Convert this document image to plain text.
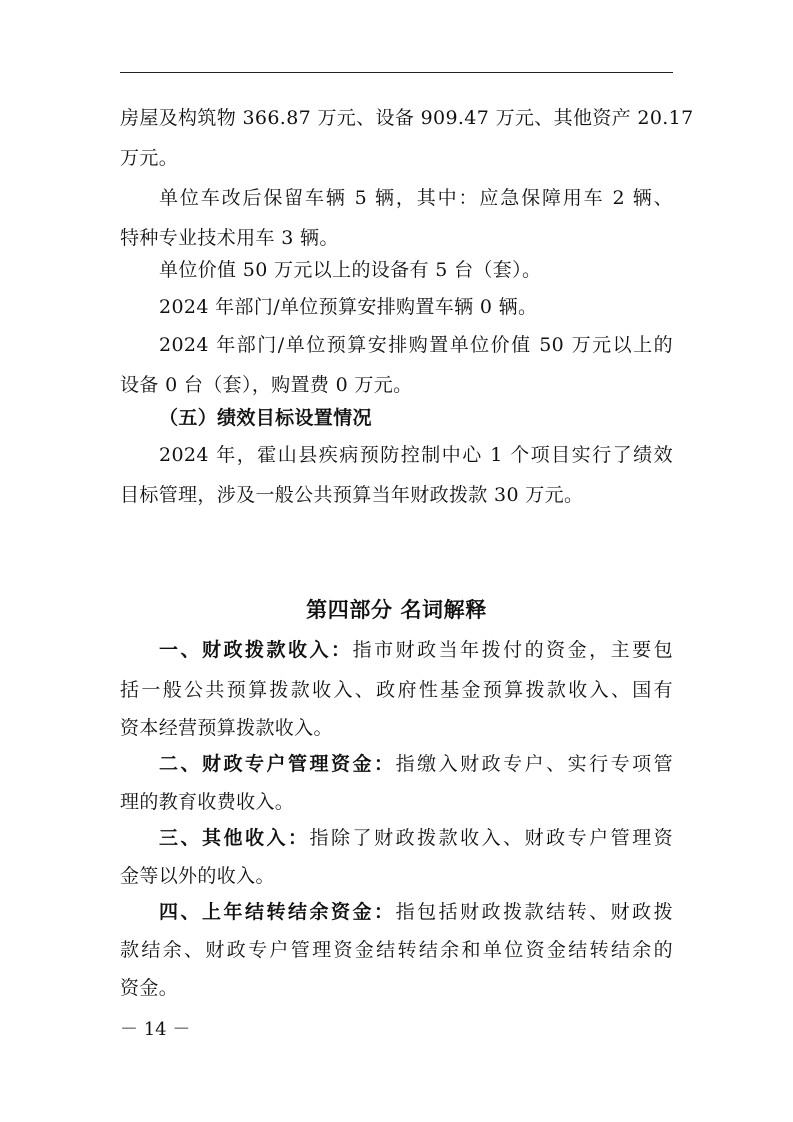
房屋及构筑物 366.87 万元、设备 909.47 万元、其他资产 20.17
万元。
单位车改后保留车辆 5 辆，其中：应急保障用车 2 辆、
特种专业技术用车 3 辆。
单位价值 50 万元以上的设备有 5 台（套）。
2024 年部门/单位预算安排购置车辆 0 辆。
2024 年部门/单位预算安排购置单位价值 50 万元以上的
设备 0 台（套），购置费 0 万元。
（五）绩效目标设置情况
2024 年，霍山县疾病预防控制中心 1 个项目实行了绩效
目标管理，涉及一般公共预算当年财政拨款 30 万元。
第四部分 名词解释
一、财政拨款收入：指市财政当年拨付的资金，主要包
括一般公共预算拨款收入、政府性基金预算拨款收入、国有
资本经营预算拨款收入。
二、财政专户管理资金：指缴入财政专户、实行专项管
理的教育收费收入。
三、其他收入：指除了财政拨款收入、财政专户管理资
金等以外的收入。
四、上年结转结余资金：指包括财政拨款结转、财政拨
款结余、财政专户管理资金结转结余和单位资金结转结余的
资金。
－ 14 －
